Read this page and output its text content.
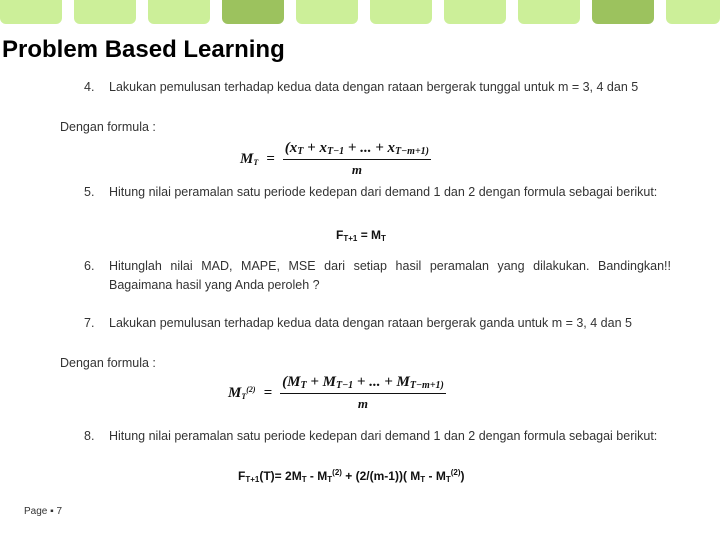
Problem Based Learning
4.	Lakukan pemulusan terhadap kedua data dengan rataan bergerak tunggal untuk m = 3, 4 dan 5
Dengan formula :
$M_T = \frac{(x_T + x_{T-1} + ... + x_{T-m+1)}}{m}$
5.	Hitung nilai peramalan satu periode kedepan dari demand 1 dan 2 dengan formula sebagai berikut:
$F_{T+1} = M_T$
6.	Hitunglah nilai MAD, MAPE, MSE dari setiap hasil peramalan yang dilakukan. Bandingkan!! Bagaimana hasil yang Anda peroleh ?
7.	Lakukan pemulusan terhadap kedua data dengan rataan bergerak ganda untuk m = 3, 4 dan 5
Dengan formula :
$M_T^{(2)} = \frac{(M_T + M_{T-1} + ... + M_{T-m+1)}}{m}$
8.	Hitung nilai peramalan satu periode kedepan dari demand 1 dan 2 dengan formula sebagai berikut:
$F_{T+1}(T)= 2M_T - M_T^{(2)} + (2/(m-1))$( $M_T - M_T^{(2)}$)
Page ▪ 7
